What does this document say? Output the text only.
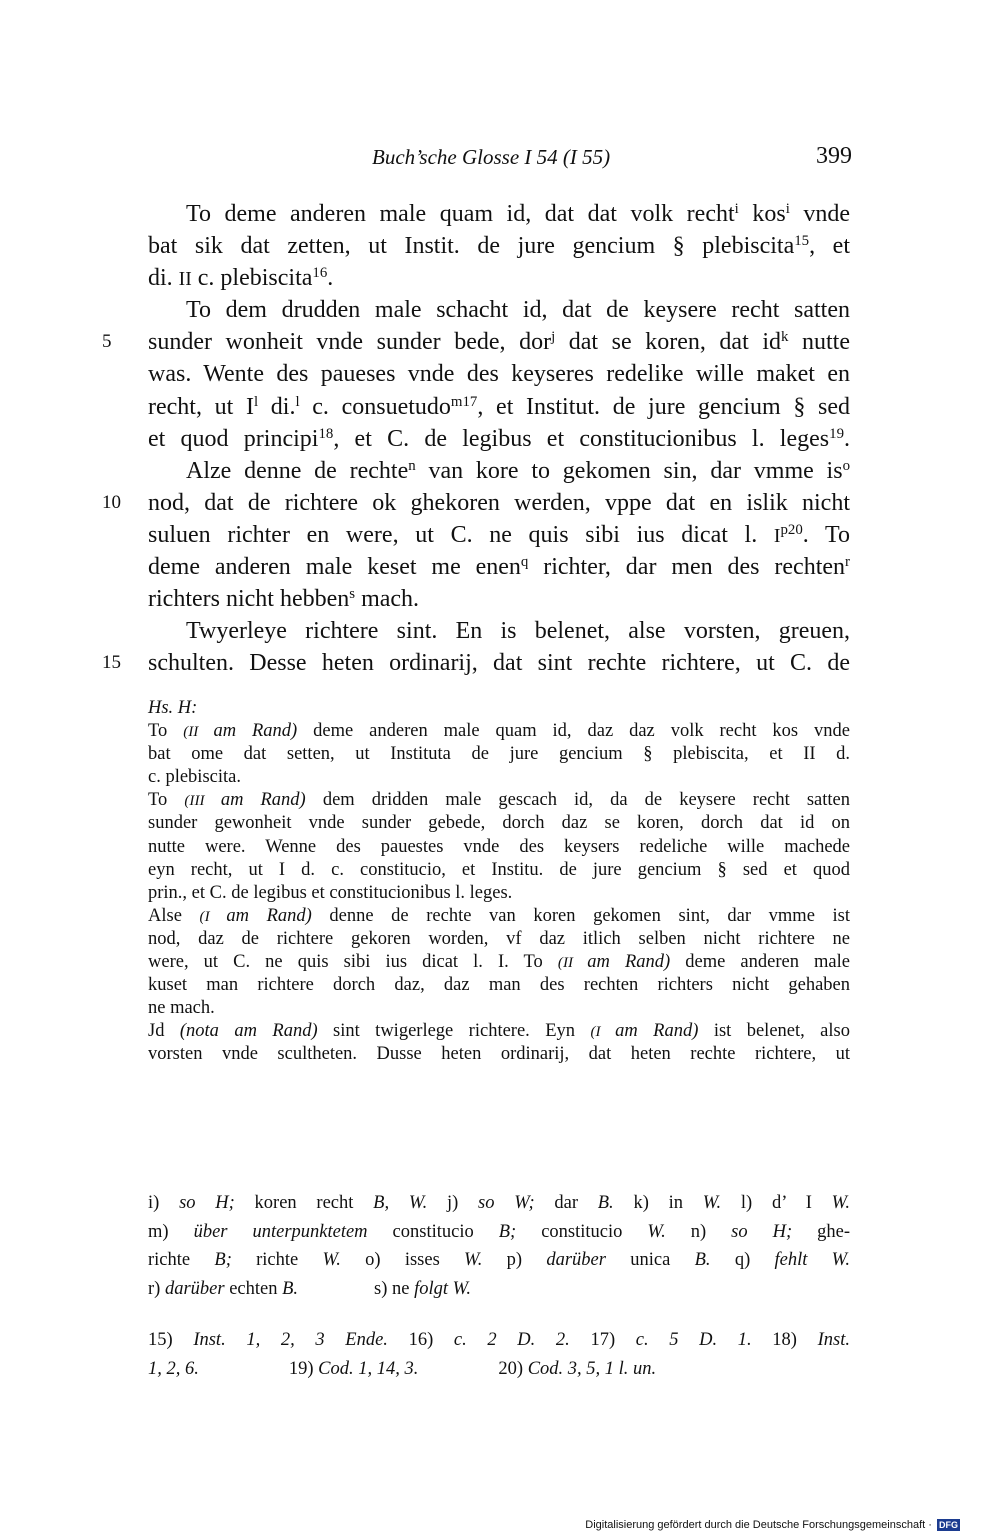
Buch’sche Glosse I 54 (I 55)	399
To deme anderen male quam id, dat dat volk recht$^i$ kos$^i$ vnde
bat sik dat zetten, ut Instit. de jure gencium § plebiscita$^{15}$, et
di. II c. plebiscita$^{16}$.
To dem drudden male schacht id, dat de keysere recht satten
5 sunder wonheit vnde sunder bede, dor$^j$ dat se koren, dat $id^k$ nutte
was. Wente des paueses vnde des keyseres redelike wille maket en
recht, ut $I^l$ di.$^l$ c. consuetudo$^{m17}$, et Institut. de jure gencium § sed
et quod principi$^{18}$, et C. de legibus et constitucionibus l. leges$^{19}$.
Alze denne de rechte$^n$ van kore to gekomen sin, dar vmme $is^o$
10 nod, dat de richtere ok ghekoren werden, vppe dat en islik nicht
suluen richter en were, ut C. ne quis sibi ius dicat l. $I^{p20}$. To
deme anderen male keset me enen$^q$ richter, dar men des rechten$^r$
richters nicht hebben$^s$ mach.
Twyerleye richtere sint. En is belenet, alse vorsten, greuen,
15 schulten. Desse heten ordinarij, dat sint rechte richtere, ut C. de
Hs. H:
To (II am Rand) deme anderen male quam id, daz daz volk recht kos vnde
bat ome dat setten, ut Instituta de jure gencium § plebiscita, et II d.
c. plebiscita.
To (III am Rand) dem dridden male gescach id, da de keysere recht satten
sunder gewonheit vnde sunder gebede, dorch daz se koren, dorch dat id on
nutte were. Wenne des pauestes vnde des keysers redeliche wille machede
eyn recht, ut I d. c. constitucio, et Institu. de jure gencium § sed et quod
prin., et C. de legibus et constitucionibus l. leges.
Alse (I am Rand) denne de rechte van koren gekomen sint, dar vmme ist
nod, daz de richtere gekoren worden, vf daz itlich selben nicht richtere ne
were, ut C. ne quis sibi ius dicat l. I. To (II am Rand) deme anderen male
kuset man richtere dorch daz, daz man des rechten richters nicht gehaben
ne mach.
Jd (nota am Rand) sint twigerlege richtere. Eyn (I am Rand) ist belenet, also
vorsten vnde scultheten. Dusse heten ordinarij, dat heten rechte richtere, ut
i) so H; koren recht B, W. j) so W; dar B. k) in W. l) d’ I W.
m) über unterpunktetem constitucio B; constitucio W. n) so H; ghe-
richte B; richte W. o) isses W. p) darüber unica B. q) fehlt W.
r) darüber echten B.	s) ne folgt W.
15) Inst. 1, 2, 3 Ende. 16) c. 2 D. 2. 17) c. 5 D. 1. 18) Inst.
1, 2, 6.	19) Cod. 1, 14, 3.	20) Cod. 3, 5, 1 l. un.
Digitalisierung gefördert durch die Deutsche Forschungsgemeinschaft · DFG
